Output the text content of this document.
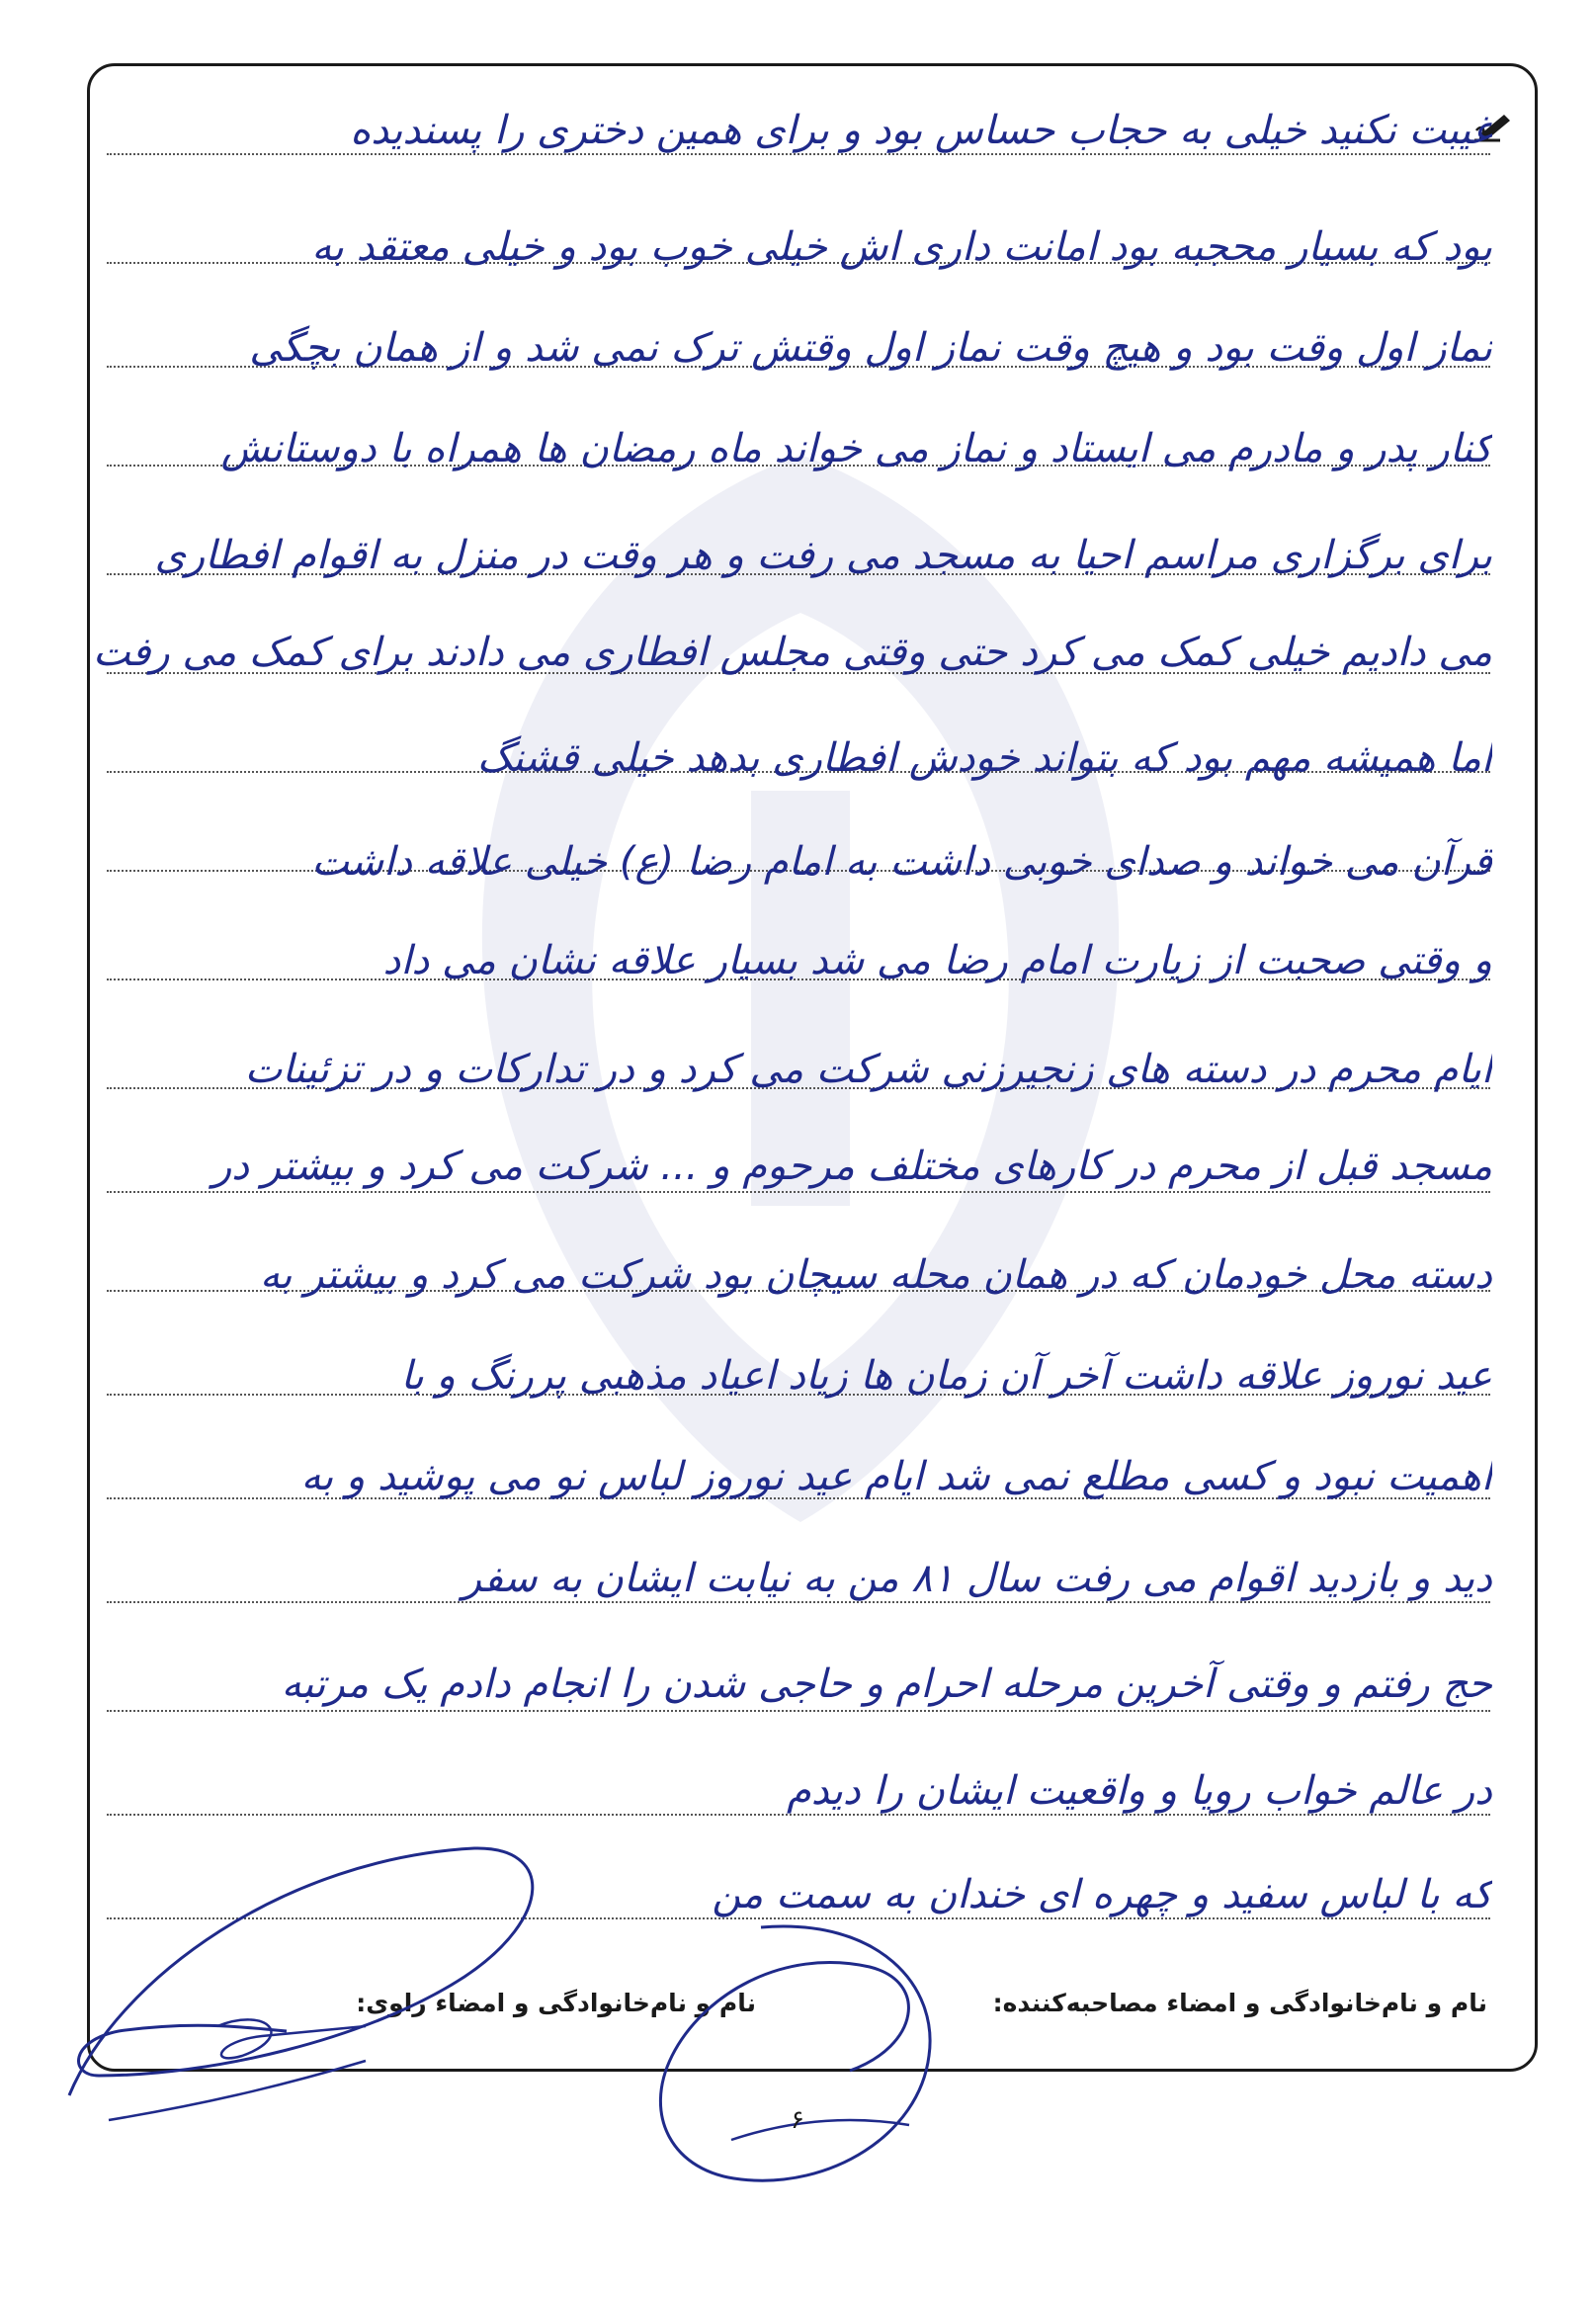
غیبت نکنید خیلی به حجاب حساس بود و برای همین دختری را پسندیده
بود که بسیار محجبه بود امانت داری اش خیلی خوب بود و خیلی معتقد به
نماز اول وقت بود و هیچ وقت نماز اول وقتش ترک نمی شد و از همان بچگی
کنار پدر و مادرم می ایستاد و نماز می خواند ماه رمضان ها همراه با دوستانش
برای برگزاری مراسم احیا به مسجد می رفت و هر وقت در منزل به اقوام افطاری
می دادیم خیلی کمک می کرد حتی وقتی مجلس افطاری می دادند برای کمک می رفت
اما همیشه مهم بود که بتواند خودش افطاری بدهد خیلی قشنگ
قرآن می خواند و صدای خوبی داشت به امام رضا (ع) خیلی علاقه داشت
و وقتی صحبت از زیارت امام رضا می شد بسیار علاقه نشان می داد
ایام محرم در دسته های زنجیرزنی شرکت می کرد و در تدارکات و در تزئینات
مسجد قبل از محرم در کارهای مختلف مرحوم و ... شرکت می کرد و بیشتر در
دسته محل خودمان که در همان محله سیچان بود شرکت می کرد و بیشتر به
عید نوروز علاقه داشت آخر آن زمان ها زیاد اعیاد مذهبی پررنگ و با
اهمیت نبود و کسی مطلع نمی شد ایام عید نوروز لباس نو می پوشید و به
دید و بازدید اقوام می رفت سال ۸۱ من به نیابت ایشان به سفر
حج رفتم و وقتی آخرین مرحله احرام و حاجی شدن را انجام دادم یک مرتبه
در عالم خواب رویا و واقعیت ایشان را دیدم
که با لباس سفید و چهره ای خندان به سمت من
نام و نام‌خانوادگی و امضاء مصاحبه‌کننده:
نام و نام‌خانوادگی و امضاء راوی:
۶
